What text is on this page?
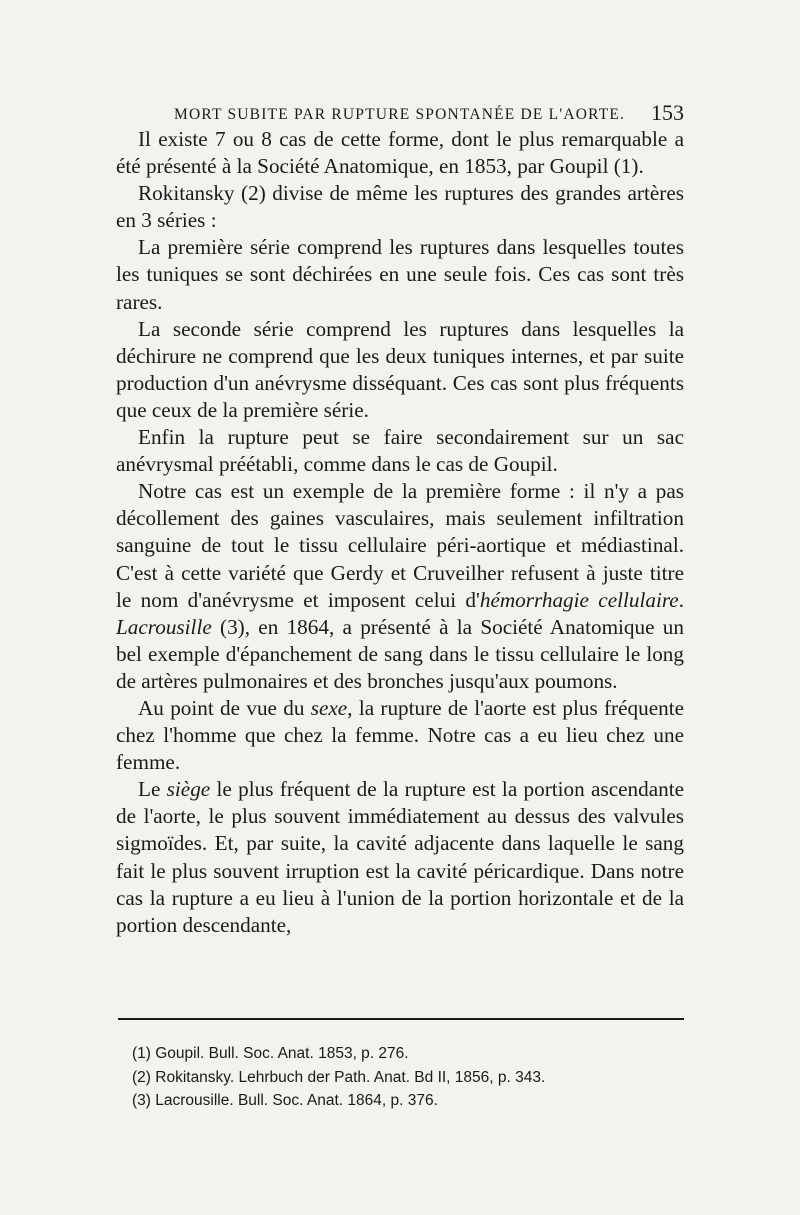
MORT SUBITE PAR RUPTURE SPONTANÉE DE L'AORTE. 153

Il existe 7 ou 8 cas de cette forme, dont le plus remarquable a été présenté à la Société Anatomique, en 1853, par Goupil (1).

Rokitansky (2) divise de même les ruptures des grandes artères en 3 séries :

La première série comprend les ruptures dans lesquelles toutes les tuniques se sont déchirées en une seule fois. Ces cas sont très rares.

La seconde série comprend les ruptures dans lesquelles la déchirure ne comprend que les deux tuniques internes, et par suite production d'un anévrysme disséquant. Ces cas sont plus fréquents que ceux de la première série.

Enfin la rupture peut se faire secondairement sur un sac anévrysmal préétabli, comme dans le cas de Goupil.

Notre cas est un exemple de la première forme : il n'y a pas décollement des gaines vasculaires, mais seulement infiltration sanguine de tout le tissu cellulaire péri-aortique et médiastinal. C'est à cette variété que Gerdy et Cruveilher refusent à juste titre le nom d'anévrysme et imposent celui d'hémorrhagie cellulaire. Lacrousille (3), en 1864, a présenté à la Société Anatomique un bel exemple d'épanchement de sang dans le tissu cellulaire le long de artères pulmonaires et des bronches jusqu'aux poumons.

Au point de vue du sexe, la rupture de l'aorte est plus fréquente chez l'homme que chez la femme. Notre cas a eu lieu chez une femme.

Le siège le plus fréquent de la rupture est la portion ascendante de l'aorte, le plus souvent immédiatement au dessus des valvules sigmoïdes. Et, par suite, la cavité adjacente dans laquelle le sang fait le plus souvent irruption est la cavité péricardique. Dans notre cas la rupture a eu lieu à l'union de la portion horizontale et de la portion descendante,

(1) Goupil. Bull. Soc. Anat. 1853, p. 276.
(2) Rokitansky. Lehrbuch der Path. Anat. Bd II, 1856, p. 343.
(3) Lacrousille. Bull. Soc. Anat. 1864, p. 376.
